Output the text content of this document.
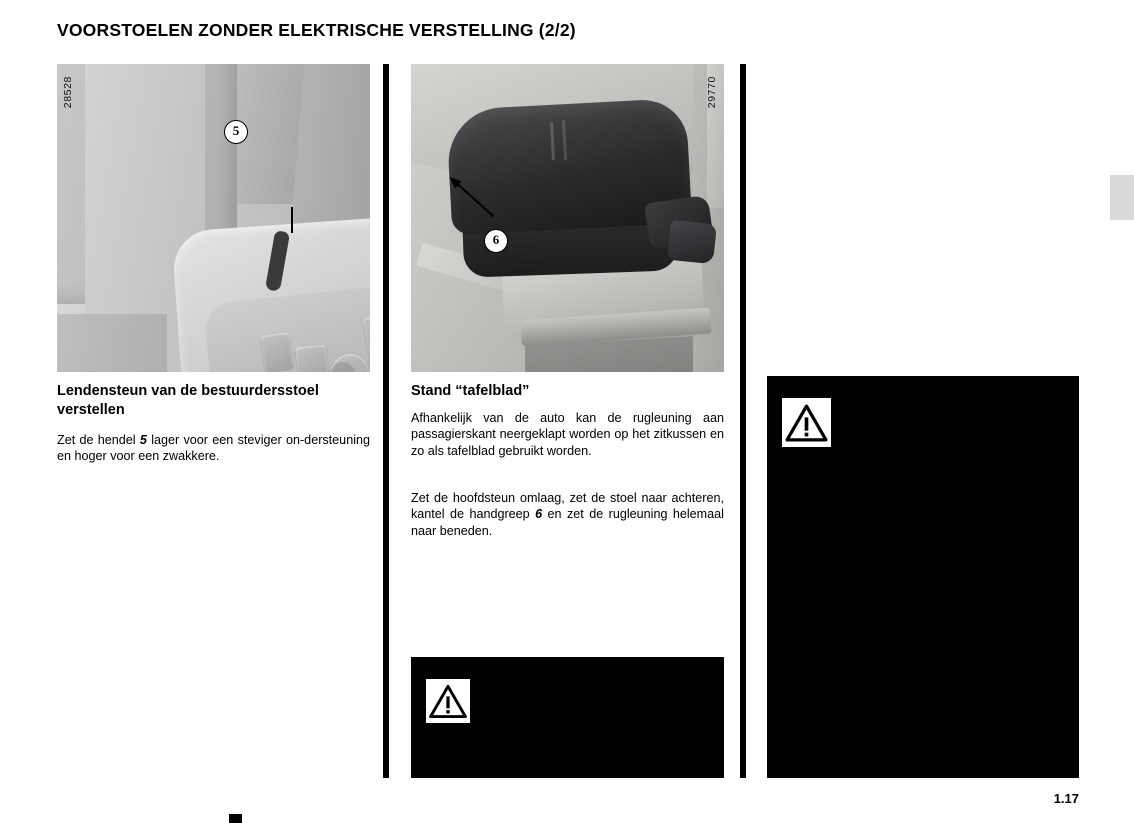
VOORSTOELEN ZONDER ELEKTRISCHE VERSTELLING (2/2)
28528
5
29770
6
Lendensteun van de bestuurdersstoel verstellen
Zet de hendel 5 lager voor een steviger on-dersteuning en hoger voor een zwakkere.
Stand “tafelblad”
Afhankelijk van de auto kan de rugleuning aan passagierskant neergeklapt worden op het zitkussen en zo als tafelblad gebruikt worden.
Zet de hoofdsteun omlaag, zet de stoel naar achteren, kantel de handgreep 6 en zet de rugleuning helemaal naar beneden.
1.17
